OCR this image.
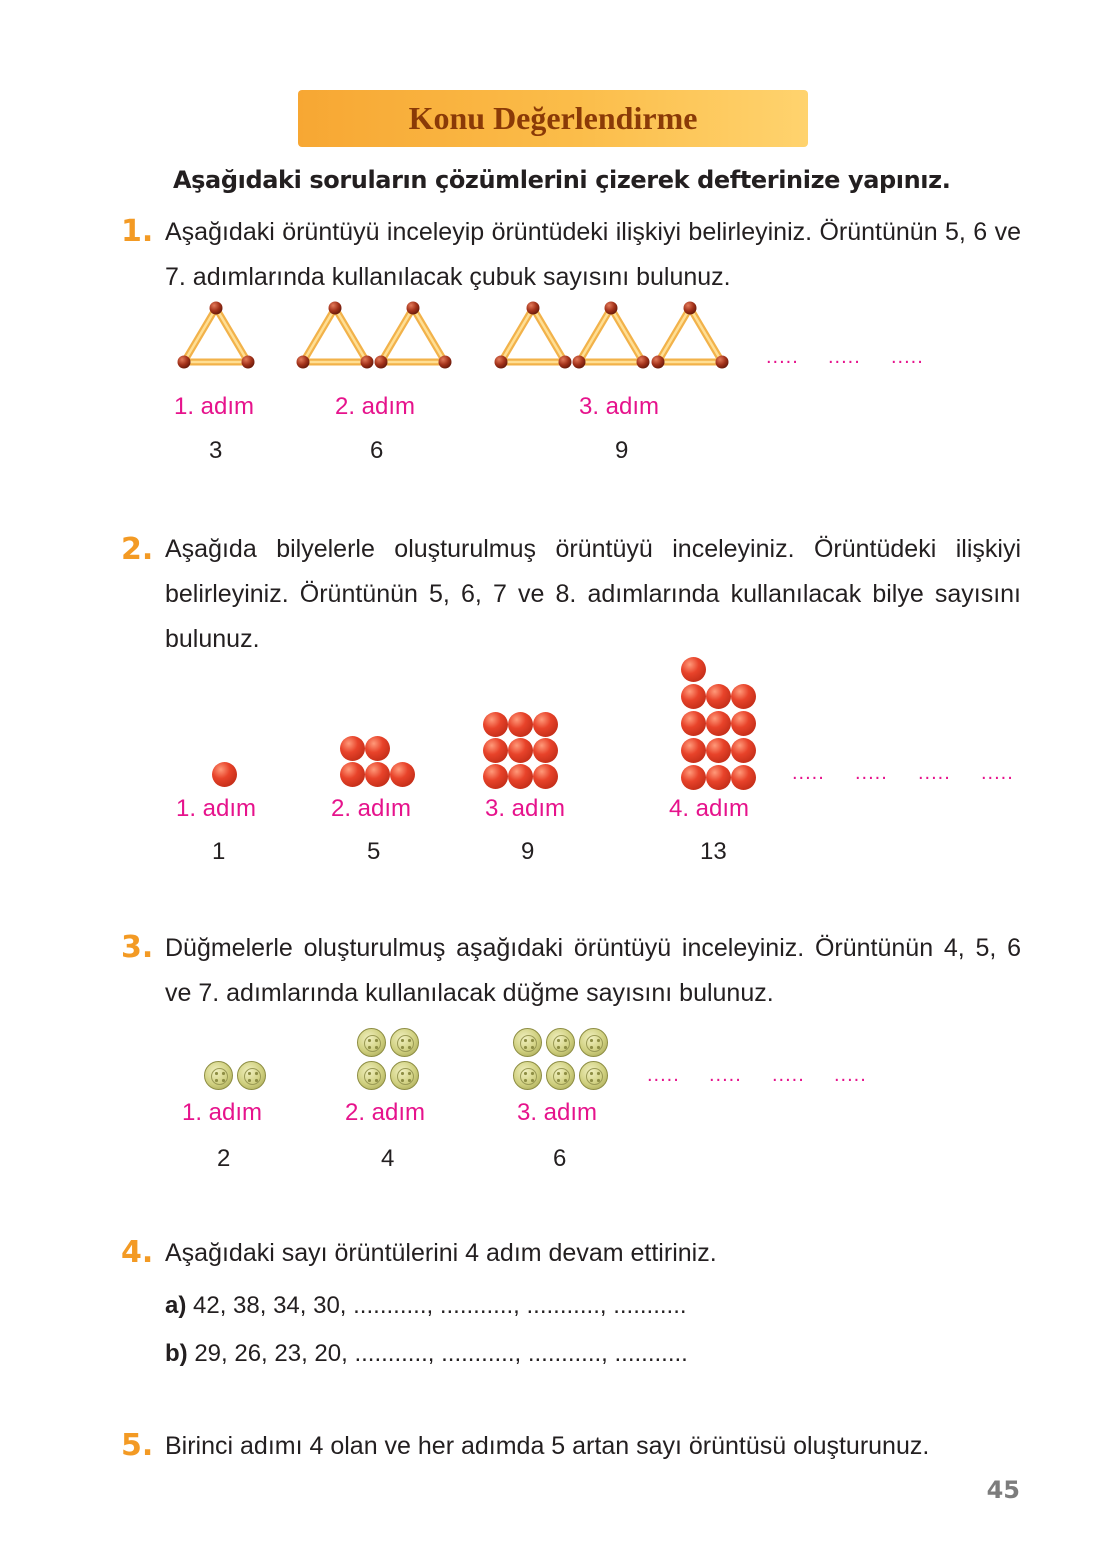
Konu Değerlendirme
Aşağıdaki soruların çözümlerini çizerek defterinize yapınız.
1. Aşağıdaki örüntüyü inceleyip örüntüdeki ilişkiyi belirleyiniz. Örüntünün 5, 6 ve 7. adımlarında kullanılacak çubuk sayısını bulunuz.
..... ..... .....
1. adım	2. adım	3. adım
3	6	9
2. Aşağıda bilyelerle oluşturulmuş örüntüyü inceleyiniz. Örüntüdeki ilişkiyi belirleyiniz. Örüntünün 5, 6, 7 ve 8. adımlarında kullanılacak bilye sayısını bulunuz.
..... ..... ..... .....
1. adım	2. adım	3. adım	4. adım
1	5	9	13
3. Düğmelerle oluşturulmuş aşağıdaki örüntüyü inceleyiniz. Örüntünün 4, 5, 6 ve 7. adımlarında kullanılacak düğme sayısını bulunuz.
..... ..... ..... .....
1. adım	2. adım	3. adım
2	4	6
4. Aşağıdaki sayı örüntülerini 4 adım devam ettiriniz.
a) 42, 38, 34, 30, ..........., ..........., ..........., ...........
b) 29, 26, 23, 20, ..........., ..........., ..........., ...........
5. Birinci adımı 4 olan ve her adımda 5 artan sayı örüntüsü oluşturunuz.
45
